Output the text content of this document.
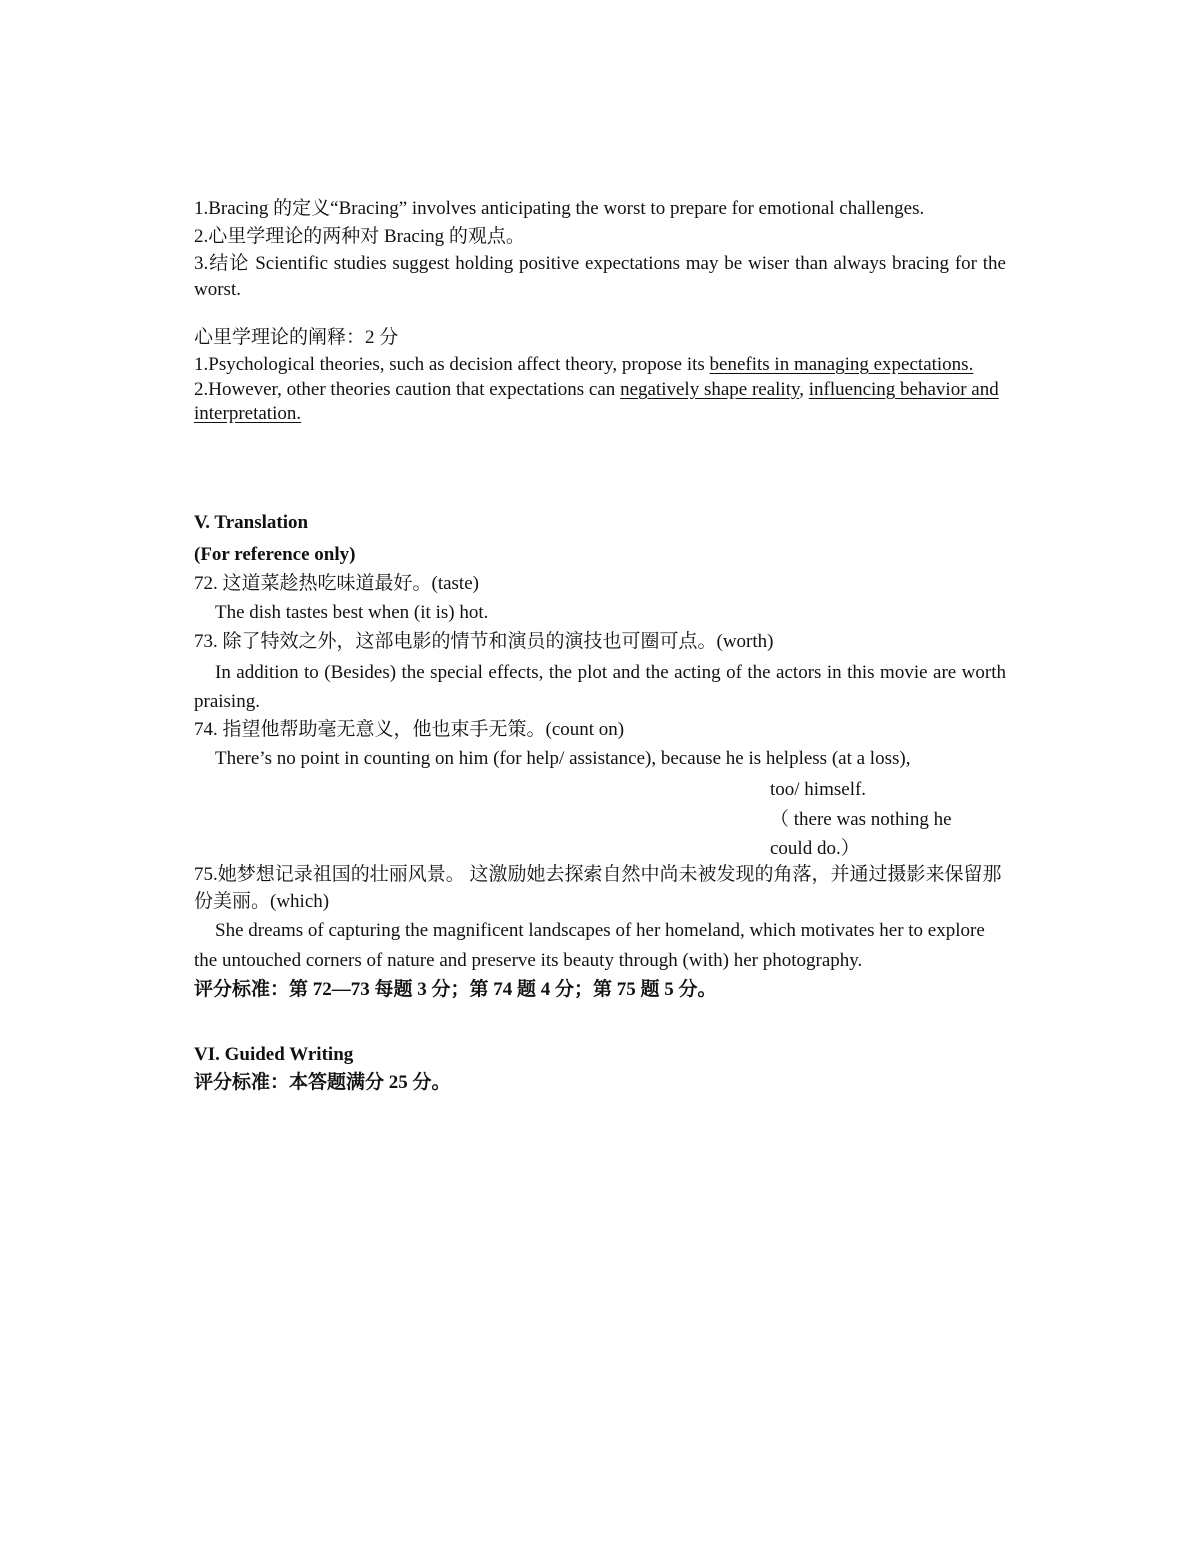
1.Bracing 的定义“Bracing” involves anticipating the worst to prepare for emotional challenges.

2.心里学理论的两种对 Bracing 的观点。

3.结论 Scientific studies suggest holding positive expectations may be wiser than always bracing for the worst.

心里学理论的阐释：2 分

1.Psychological theories, such as decision affect theory, propose its benefits in managing expectations.

2.However, other theories caution that expectations can negatively shape reality, influencing behavior and interpretation.

V. Translation

(For reference only)

72. 这道菜趁热吃味道最好。(taste)

The dish tastes best when (it is) hot.

73. 除了特效之外，这部电影的情节和演员的演技也可圈可点。(worth)

In addition to (Besides) the special effects, the plot and the acting of the actors in this movie are worth praising.

74. 指望他帮助毫无意义，他也束手无策。(count on)

There’s no point in counting on him (for help/ assistance), because he is helpless (at a loss),

too/ himself.

（ there was nothing he

could do.）

75.她梦想记录祖国的壮丽风景。 这激励她去探索自然中尚未被发现的角落，并通过摄影来保留那份美丽。(which)

She dreams of capturing the magnificent landscapes of her homeland, which motivates her to explore the untouched corners of nature and preserve its beauty through (with) her photography.

评分标准：第 72—73 每题 3 分；第 74 题 4 分；第 75 题 5 分。

VI. Guided Writing

评分标准：本答题满分 25 分。
